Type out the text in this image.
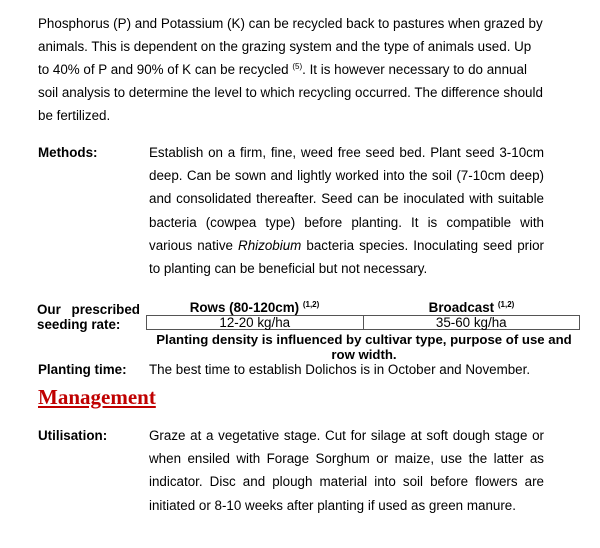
Phosphorus (P) and Potassium (K) can be recycled back to pastures when grazed by animals. This is dependent on the grazing system and the type of animals used. Up to 40% of P and 90% of K can be recycled $^{(5)}$. It is however necessary to do annual soil analysis to determine the level to which recycling occurred. The difference should be fertilized.
Methods:	Establish on a firm, fine, weed free seed bed. Plant seed 3-10cm deep. Can be sown and lightly worked into the soil (7-10cm deep) and consolidated thereafter. Seed can be inoculated with suitable bacteria (cowpea type) before planting. It is compatible with various native Rhizobium bacteria species. Inoculating seed prior to planting can be beneficial but not necessary.
Our prescribed
seeding rate:
Rows (80-120cm) $^{(1,2)}$	Broadcast $^{(1,2)}$
12-20 kg/ha	35-60 kg/ha
Planting density is influenced by cultivar type, purpose of use and row width.
Planting time: The best time to establish Dolichos is in October and November.
Management
Utilisation:	Graze at a vegetative stage. Cut for silage at soft dough stage or when ensiled with Forage Sorghum or maize, use the latter as indicator. Disc and plough material into soil before flowers are initiated or 8-10 weeks after planting if used as green manure.
